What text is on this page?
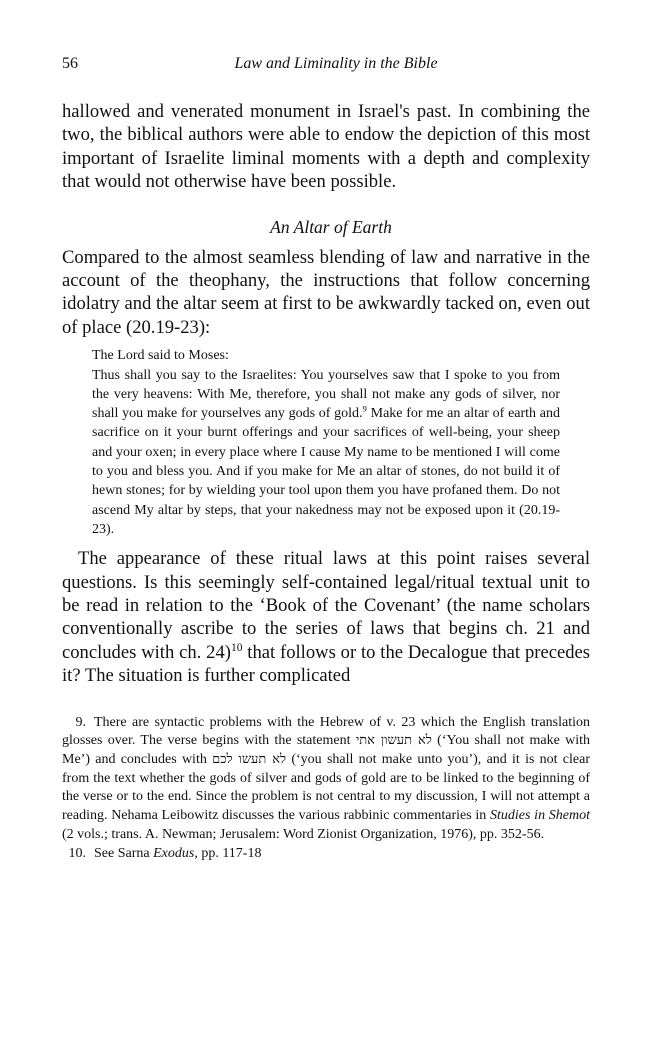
56	Law and Liminality in the Bible

hallowed and venerated monument in Israel's past. In combining the two, the biblical authors were able to endow the depiction of this most important of Israelite liminal moments with a depth and complexity that would not otherwise have been possible.

An Altar of Earth

Compared to the almost seamless blending of law and narrative in the account of the theophany, the instructions that follow concerning idolatry and the altar seem at first to be awkwardly tacked on, even out of place (20.19-23):

The Lord said to Moses:

Thus shall you say to the Israelites: You yourselves saw that I spoke to you from the very heavens: With Me, therefore, you shall not make any gods of silver, nor shall you make for yourselves any gods of gold.$^9$ Make for me an altar of earth and sacrifice on it your burnt offerings and your sacrifices of well-being, your sheep and your oxen; in every place where I cause My name to be mentioned I will come to you and bless you. And if you make for Me an altar of stones, do not build it of hewn stones; for by wielding your tool upon them you have profaned them. Do not ascend My altar by steps, that your nakedness may not be exposed upon it (20.19-23).

The appearance of these ritual laws at this point raises several questions. Is this seemingly self-contained legal/ritual textual unit to be read in relation to the ‘Book of the Covenant’ (the name scholars conventionally ascribe to the series of laws that begins ch. 21 and concludes with ch. 24)$^{10}$ that follows or to the Decalogue that precedes it? The situation is further complicated

9. There are syntactic problems with the Hebrew of v. 23 which the English translation glosses over. The verse begins with the statement לא תעשון אתי (‘You shall not make with Me’) and concludes with לא תעשו לכם (‘you shall not make unto you’), and it is not clear from the text whether the gods of silver and gods of gold are to be linked to the beginning of the verse or to the end. Since the problem is not central to my discussion, I will not attempt a reading. Nehama Leibowitz discusses the various rabbinic commentaries in Studies in Shemot (2 vols.; trans. A. Newman; Jerusalem: Word Zionist Organization, 1976), pp. 352-56.

10. See Sarna Exodus, pp. 117-18
